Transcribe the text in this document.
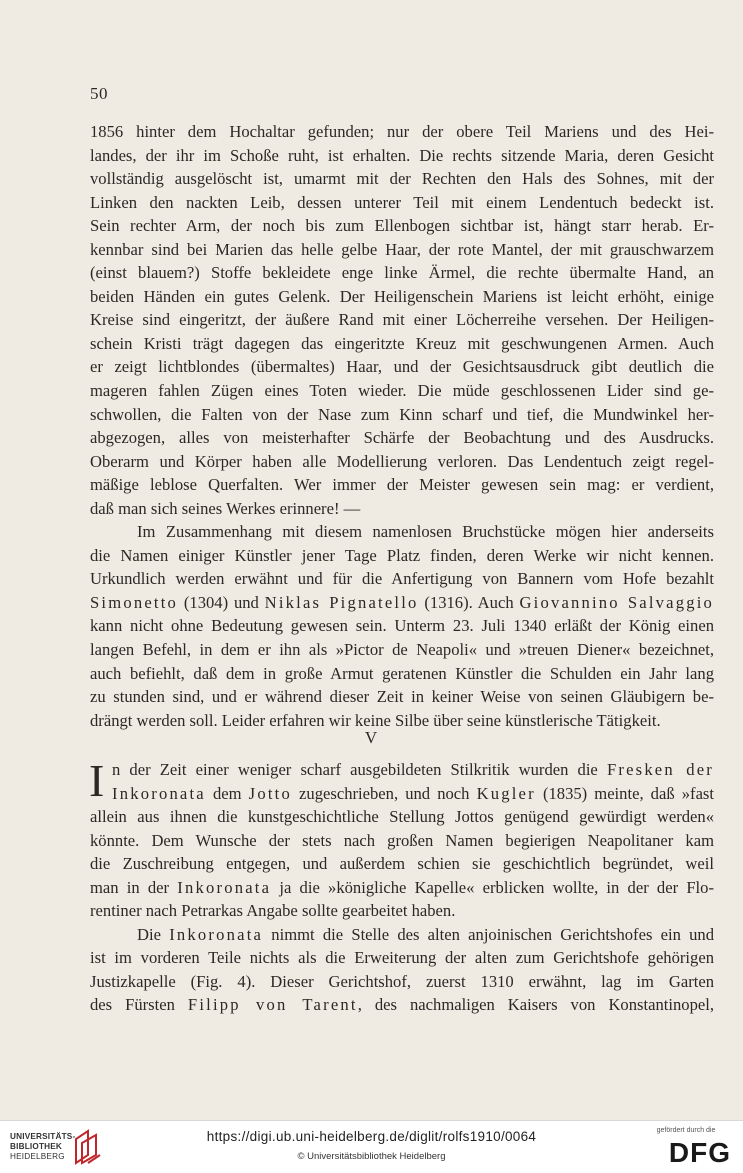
50
1856 hinter dem Hochaltar gefunden; nur der obere Teil Mariens und des Hei-
landes, der ihr im Schoße ruht, ist erhalten. Die rechts sitzende Maria, deren Gesicht
vollständig ausgelöscht ist, umarmt mit der Rechten den Hals des Sohnes, mit der
Linken den nackten Leib, dessen unterer Teil mit einem Lendentuch bedeckt ist.
Sein rechter Arm, der noch bis zum Ellenbogen sichtbar ist, hängt starr herab. Er-
kennbar sind bei Marien das helle gelbe Haar, der rote Mantel, der mit grauschwarzem
(einst blauem?) Stoffe bekleidete enge linke Ärmel, die rechte übermalte Hand, an
beiden Händen ein gutes Gelenk. Der Heiligenschein Mariens ist leicht erhöht, einige
Kreise sind eingeritzt, der äußere Rand mit einer Löcherreihe versehen. Der Heiligen-
schein Kristi trägt dagegen das eingeritzte Kreuz mit geschwungenen Armen. Auch
er zeigt lichtblondes (übermaltes) Haar, und der Gesichtsausdruck gibt deutlich die
mageren fahlen Zügen eines Toten wieder. Die müde geschlossenen Lider sind ge-
schwollen, die Falten von der Nase zum Kinn scharf und tief, die Mundwinkel her-
abgezogen, alles von meisterhafter Schärfe der Beobachtung und des Ausdrucks.
Oberarm und Körper haben alle Modellierung verloren. Das Lendentuch zeigt regel-
mäßige leblose Querfalten. Wer immer der Meister gewesen sein mag: er verdient,
daß man sich seines Werkes erinnere! —
Im Zusammenhang mit diesem namenlosen Bruchstücke mögen hier anderseits
die Namen einiger Künstler jener Tage Platz finden, deren Werke wir nicht kennen.
Urkundlich werden erwähnt und für die Anfertigung von Bannern vom Hofe bezahlt
Simonetto (1304) und Niklas Pignatello (1316). Auch Giovannino Salvaggio
kann nicht ohne Bedeutung gewesen sein. Unterm 23. Juli 1340 erläßt der König einen
langen Befehl, in dem er ihn als »Pictor de Neapoli« und »treuen Diener« bezeichnet,
auch befiehlt, daß dem in große Armut geratenen Künstler die Schulden ein Jahr lang
zu stunden sind, und er während dieser Zeit in keiner Weise von seinen Gläubigern be-
drängt werden soll. Leider erfahren wir keine Silbe über seine künstlerische Tätigkeit.
V
I n der Zeit einer weniger scharf ausgebildeten Stilkritik wurden die Fresken der
Inkoronata dem Jotto zugeschrieben, und noch Kugler (1835) meinte, daß »fast
allein aus ihnen die kunstgeschichtliche Stellung Jottos genügend gewürdigt werden«
könnte. Dem Wunsche der stets nach großen Namen begierigen Neapolitaner kam
die Zuschreibung entgegen, und außerdem schien sie geschichtlich begründet, weil
man in der Inkoronata ja die »königliche Kapelle« erblicken wollte, in der der Flo-
rentiner nach Petrarkas Angabe sollte gearbeitet haben.
Die Inkoronata nimmt die Stelle des alten anjoinischen Gerichtshofes ein und
ist im vorderen Teile nichts als die Erweiterung der alten zum Gerichtshofe gehörigen
Justizkapelle (Fig. 4). Dieser Gerichtshof, zuerst 1310 erwähnt, lag im Garten
des Fürsten Filipp von Tarent, des nachmaligen Kaisers von Konstantinopel,
UNIVERSITÄTS-
BIBLIOTHEK
HEIDELBERG
https://digi.ub.uni-heidelberg.de/diglit/rolfs1910/0064
© Universitätsbibliothek Heidelberg
gefördert durch die
DFG
